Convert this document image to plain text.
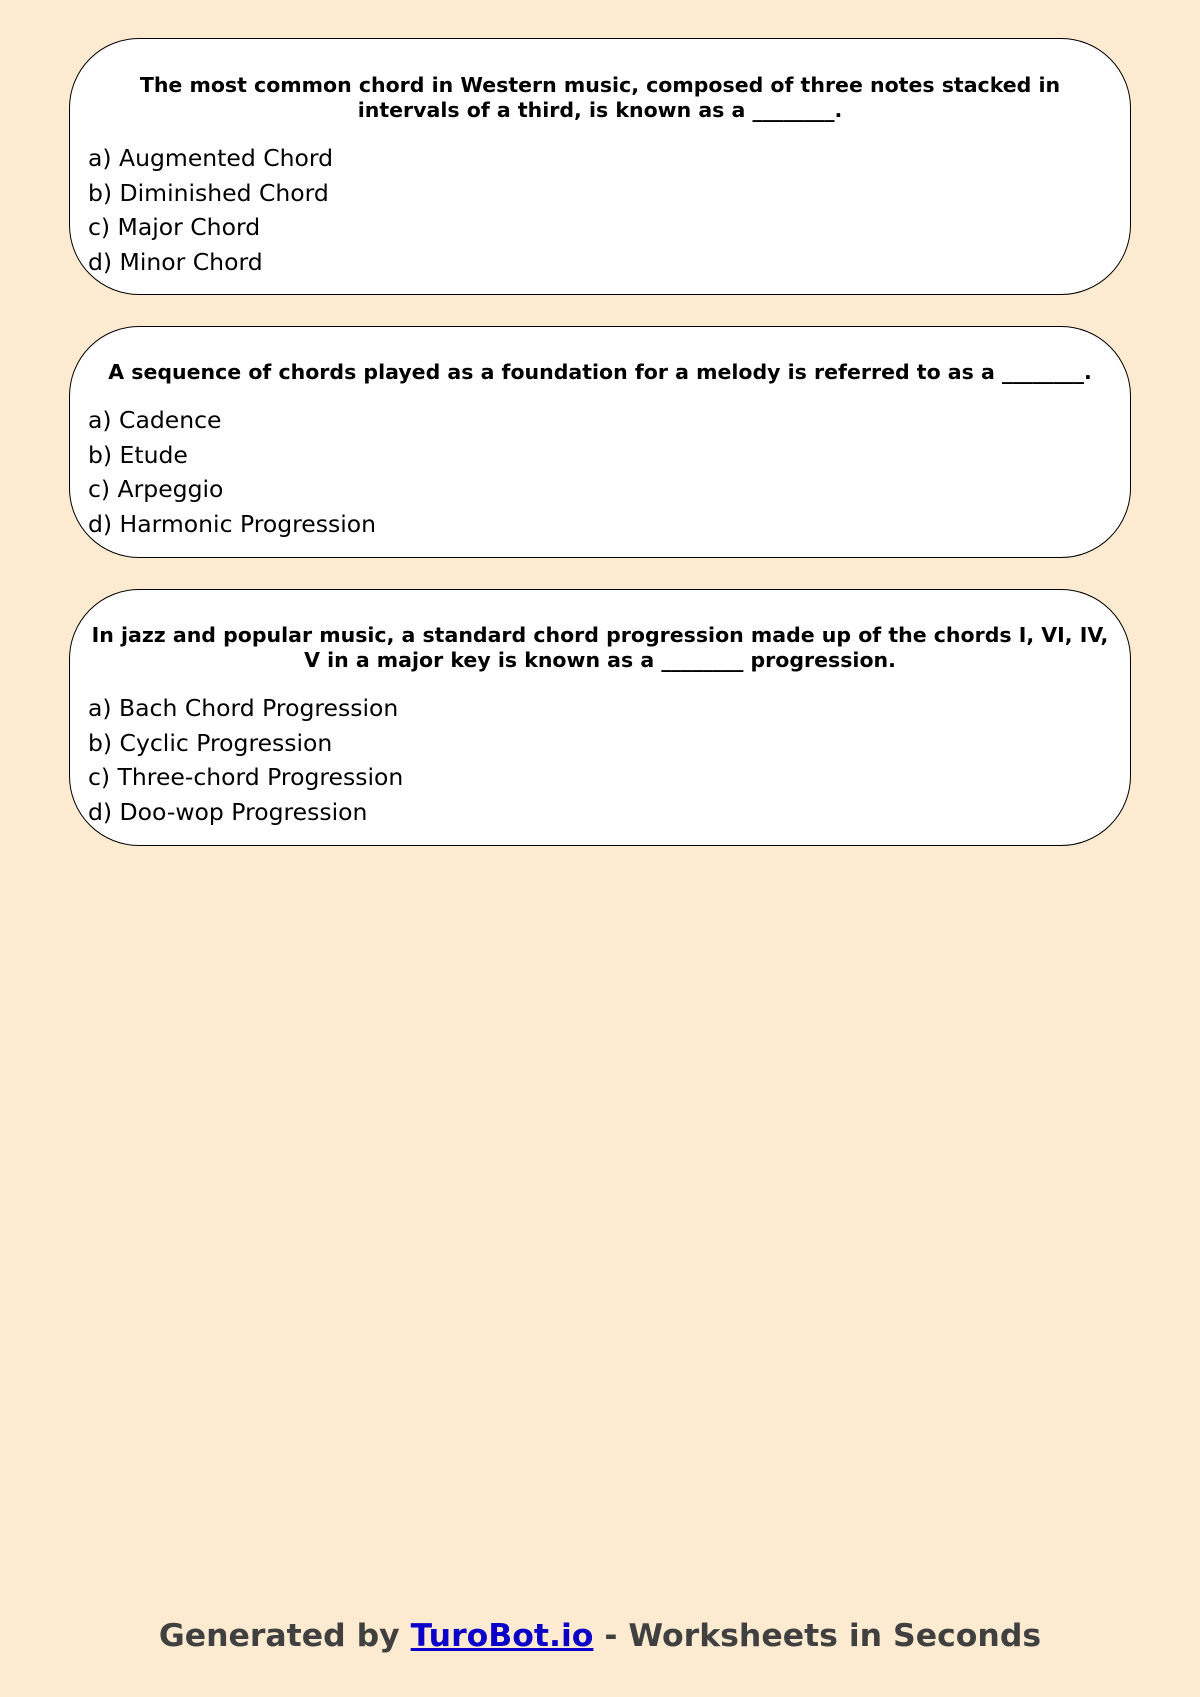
The most common chord in Western music, composed of three notes stacked in intervals of a third, is known as a ________.

a) Augmented Chord
b) Diminished Chord
c) Major Chord
d) Minor Chord

A sequence of chords played as a foundation for a melody is referred to as a ________.

a) Cadence
b) Etude
c) Arpeggio
d) Harmonic Progression

In jazz and popular music, a standard chord progression made up of the chords I, VI, IV, V in a major key is known as a ________ progression.

a) Bach Chord Progression
b) Cyclic Progression
c) Three-chord Progression
d) Doo-wop Progression
Generated by TuroBot.io - Worksheets in Seconds
